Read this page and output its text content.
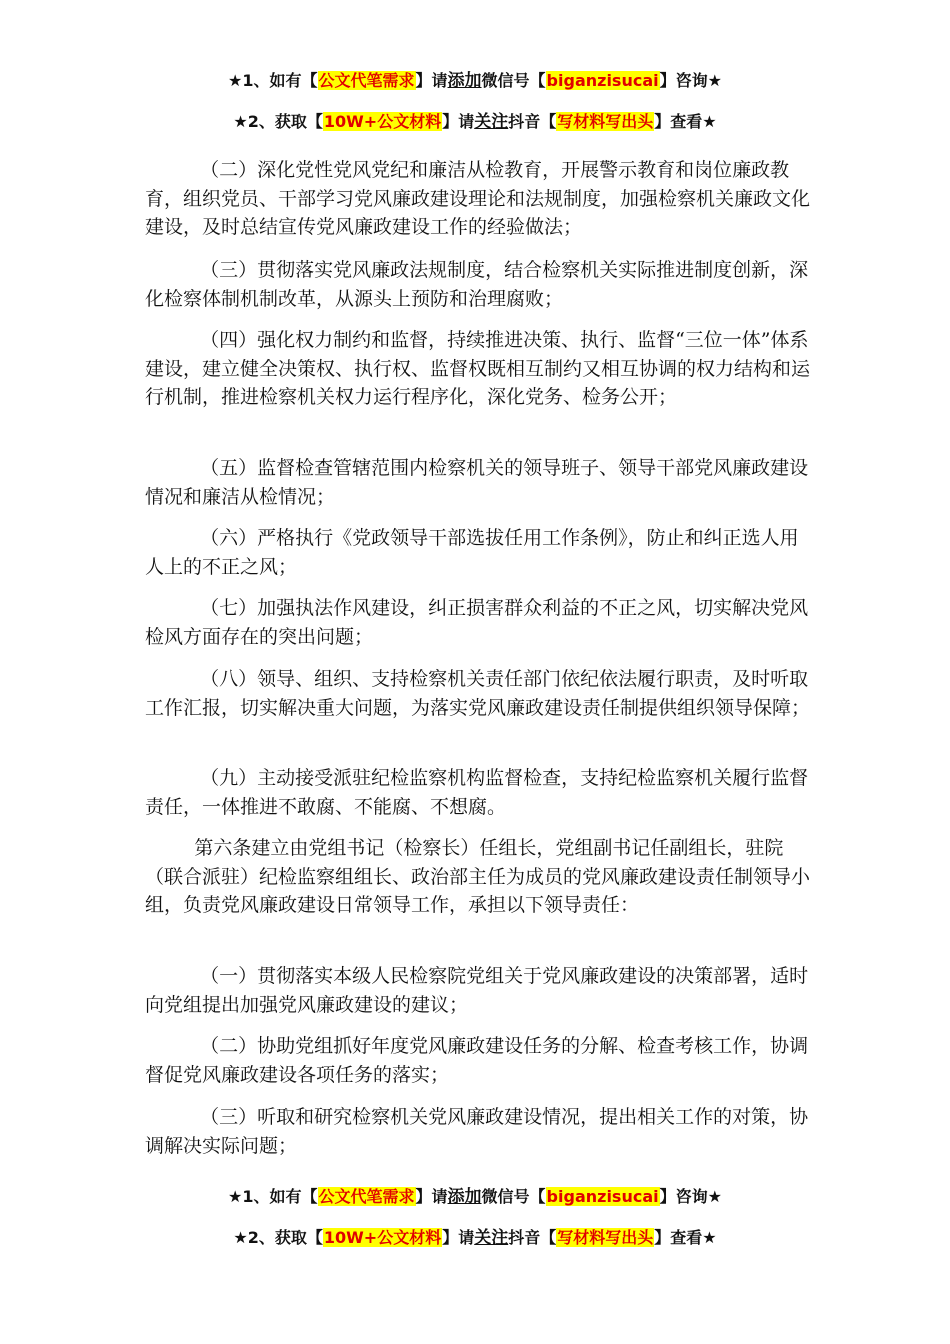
★1、如有【公文代笔需求】请添加微信号【biganzisucai】咨询★
★2、获取【10W+公文材料】请关注抖音【写材料写出头】查看★

（二）深化党性党风党纪和廉洁从检教育，开展警示教育和岗位廉政教育，组织党员、干部学习党风廉政建设理论和法规制度，加强检察机关廉政文化建设，及时总结宣传党风廉政建设工作的经验做法；

（三）贯彻落实党风廉政法规制度，结合检察机关实际推进制度创新，深化检察体制机制改革，从源头上预防和治理腐败；

（四）强化权力制约和监督，持续推进决策、执行、监督“三位一体”体系建设，建立健全决策权、执行权、监督权既相互制约又相互协调的权力结构和运行机制，推进检察机关权力运行程序化，深化党务、检务公开；

（五）监督检查管辖范围内检察机关的领导班子、领导干部党风廉政建设情况和廉洁从检情况；

（六）严格执行《党政领导干部选拔任用工作条例》，防止和纠正选人用人上的不正之风；

（七）加强执法作风建设，纠正损害群众利益的不正之风，切实解决党风检风方面存在的突出问题；

（八）领导、组织、支持检察机关责任部门依纪依法履行职责，及时听取工作汇报，切实解决重大问题，为落实党风廉政建设责任制提供组织领导保障；

（九）主动接受派驻纪检监察机构监督检查，支持纪检监察机关履行监督责任，一体推进不敢腐、不能腐、不想腐。

第六条建立由党组书记（检察长）任组长，党组副书记任副组长，驻院（联合派驻）纪检监察组组长、政治部主任为成员的党风廉政建设责任制领导小组，负责党风廉政建设日常领导工作，承担以下领导责任：

（一）贯彻落实本级人民检察院党组关于党风廉政建设的决策部署，适时向党组提出加强党风廉政建设的建议；

（二）协助党组抓好年度党风廉政建设任务的分解、检查考核工作，协调督促党风廉政建设各项任务的落实；

（三）听取和研究检察机关党风廉政建设情况，提出相关工作的对策，协调解决实际问题；

★1、如有【公文代笔需求】请添加微信号【biganzisucai】咨询★
★2、获取【10W+公文材料】请关注抖音【写材料写出头】查看★
